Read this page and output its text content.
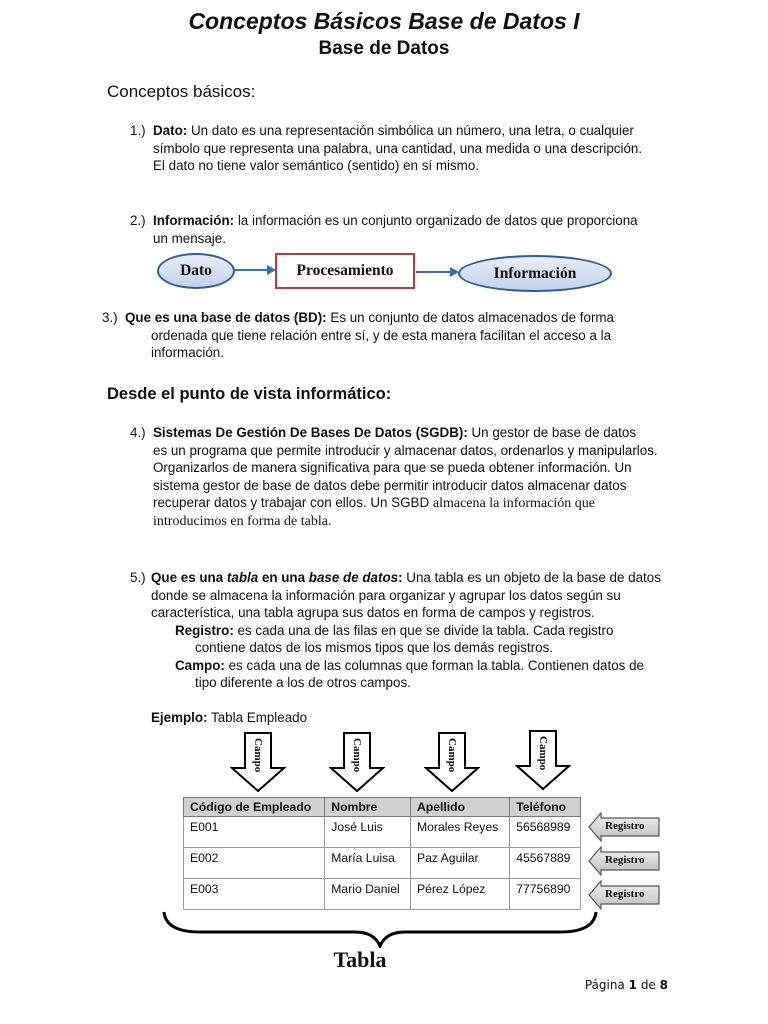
Conceptos Básicos Base de Datos I
Base de Datos
Conceptos básicos:
1.) Dato: Un dato es una representación simbólica un número, una letra, o cualquier
símbolo que representa una palabra, una cantidad, una medida o una descripción.
El dato no tiene valor semántico (sentido) en sí mismo.
2.) Información: la información es un conjunto organizado de datos que proporciona
un mensaje.
Dato	Procesamiento	Información
3.) Que es una base de datos (BD): Es un conjunto de datos almacenados de forma
ordenada que tiene relación entre sí, y de esta manera facilitan el acceso a la
información.
Desde el punto de vista informático:
4.) Sistemas De Gestión De Bases De Datos (SGDB): Un gestor de base de datos
es un programa que permite introducir y almacenar datos, ordenarlos y manipularlos.
Organizarlos de manera significativa para que se pueda obtener información. Un
sistema gestor de base de datos debe permitir introducir datos almacenar datos
recuperar datos y trabajar con ellos. Un SGBD almacena la información que
introducimos en forma de tabla.
5.) Que es una tabla en una base de datos: Una tabla es un objeto de la base de datos
donde se almacena la información para organizar y agrupar los datos según su
característica, una tabla agrupa sus datos en forma de campos y registros.
Registro: es cada una de las filas en que se divide la tabla. Cada registro
contiene datos de los mismos tipos que los demás registros.
Campo: es cada una de las columnas que forman la tabla. Contienen datos de
tipo diferente a los de otros campos.
Ejemplo: Tabla Empleado
Campo	Campo	Campo	Campo
Código de Empleado	Nombre	Apellido	Teléfono
E001	José Luis	Morales Reyes	56568989
E002	María Luisa	Paz Aguilar	45567889
E003	Mario Daniel	Pérez López	77756890
Registro
Registro
Registro
Tabla
Página 1 de 8
